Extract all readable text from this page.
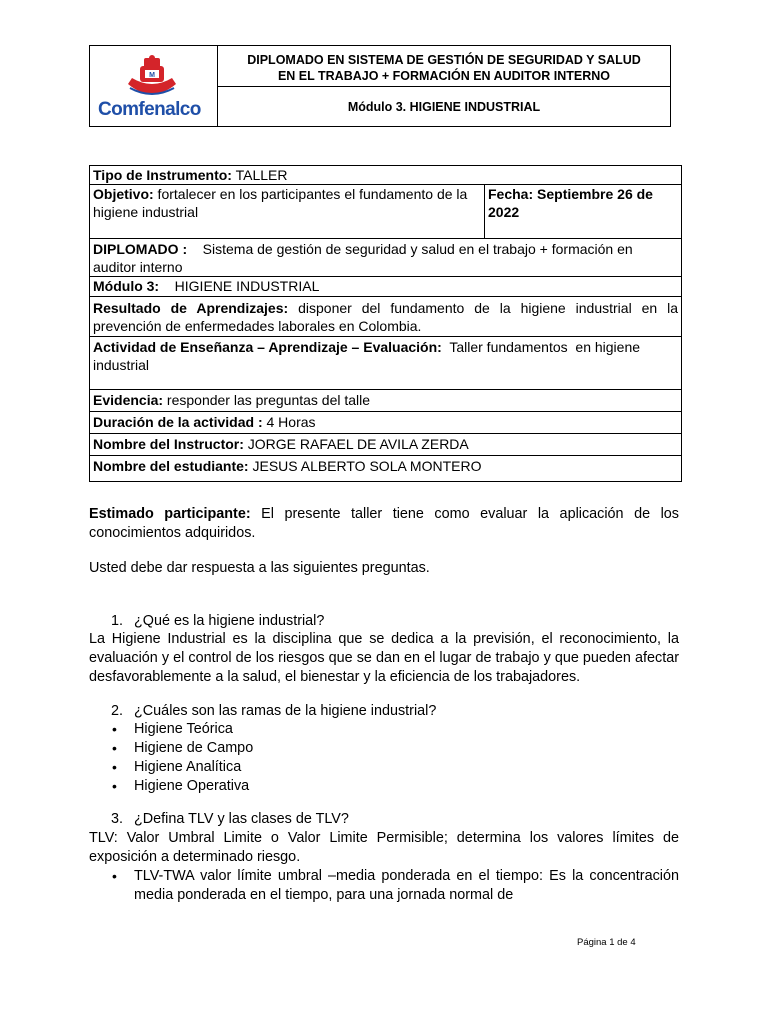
M
Comfenalco
DIPLOMADO EN SISTEMA DE GESTIÓN DE SEGURIDAD Y SALUD
EN EL TRABAJO + FORMACIÓN EN AUDITOR INTERNO
Módulo 3. HIGIENE INDUSTRIAL
Tipo de Instrumento: TALLER
Objetivo: fortalecer en los participantes el fundamento de la higiene industrial	Fecha: Septiembre 26 de 2022
DIPLOMADO :    Sistema de gestión de seguridad y salud en el trabajo + formación en auditor interno
Módulo 3:    HIGIENE INDUSTRIAL
Resultado de Aprendizajes: disponer del fundamento de la higiene industrial en la prevención de enfermedades laborales en Colombia.
Actividad de Enseñanza – Aprendizaje – Evaluación:  Taller fundamentos  en higiene industrial
Evidencia: responder las preguntas del talle
Duración de la actividad : 4 Horas
Nombre del Instructor: JORGE RAFAEL DE AVILA ZERDA
Nombre del estudiante: JESUS ALBERTO SOLA MONTERO
Estimado participante: El presente taller tiene como evaluar la aplicación de los conocimientos adquiridos.
Usted debe dar respuesta a las siguientes preguntas.
1. ¿Qué es la higiene industrial?
La Higiene Industrial es la disciplina que se dedica a la previsión, el reconocimiento, la evaluación y el control de los riesgos que se dan en el lugar de trabajo y que pueden afectar desfavorablemente a la salud, el bienestar y la eficiencia de los trabajadores.
2. ¿Cuáles son las ramas de la higiene industrial?
• Higiene Teórica
• Higiene de Campo
• Higiene Analítica
• Higiene Operativa
3. ¿Defina TLV y las clases de TLV?
TLV: Valor Umbral Limite o Valor Limite Permisible; determina los valores límites de exposición a determinado riesgo.
• TLV-TWA valor límite umbral –media ponderada en el tiempo: Es la concentración media ponderada en el tiempo, para una jornada normal de
Página 1 de 4
